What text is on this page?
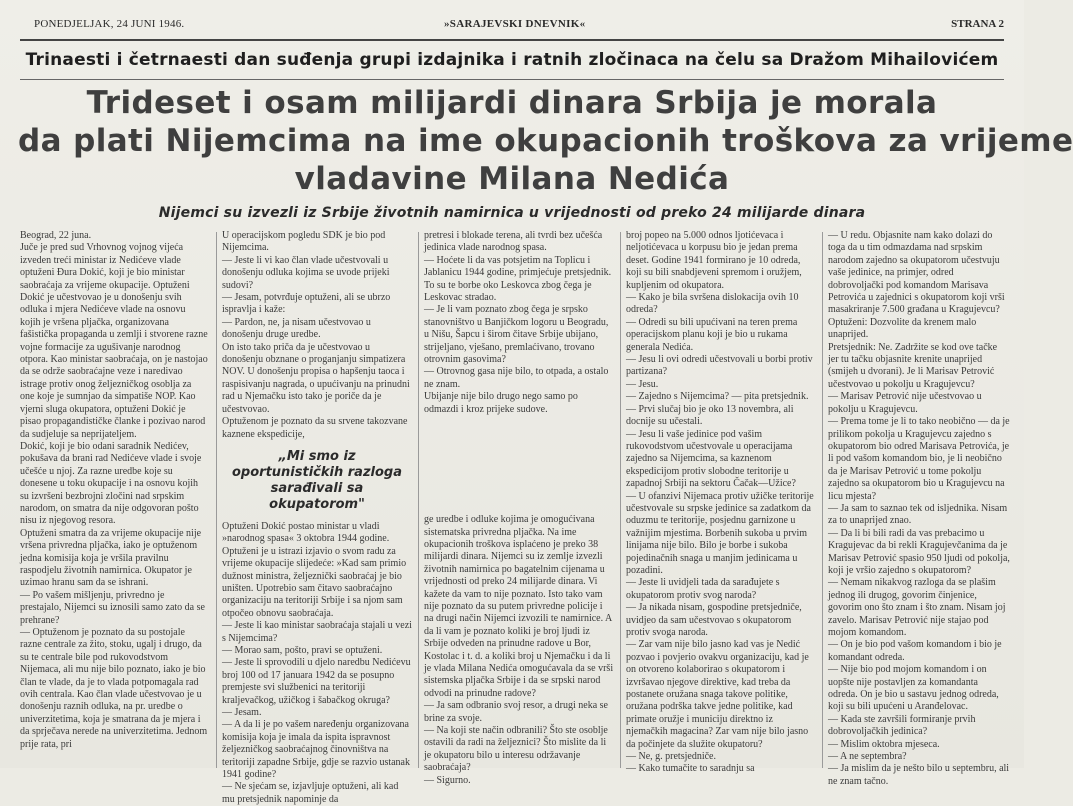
PONEDJELJAK, 24 JUNI 1946.	»SARAJEVSKI DNEVNIK«	STRANA 2
Trinaesti i četrnaesti dan suđenja grupi izdajnika i ratnih zločinaca na čelu sa Dražom Mihailovićem
Trideset i osam milijardi dinara Srbija je morala
da plati Nijemcima na ime okupacionih troškova za vrijeme
vladavine Milana Nedića
Nijemci su izvezli iz Srbije životnih namirnica u vrijednosti od preko 24 milijarde dinara
Beograd, 22 juna.
Juče je pred sud Vrhovnog vojnog vijeća izveden treći ministar iz Nedićeve vlade optuženi Đura Dokić, koji je bio ministar saobraćaja za vrijeme okupacije. Optuženi Dokić je učestvovao je u donošenju svih odluka i mjera Nedićeve vlade na osnovu kojih je vršena pljačka, organizovana fašistička propaganda u zemlji i stvorene razne vojne formacije za ugušivanje narodnog otpora. Kao ministar saobraćaja, on je nastojao da se održe saobraćajne veze i naredivao istrage protiv onog željezničkog osoblja za one koje je sumnjao da simpatiše NOP. Kao vjerni sluga okupatora, optuženi Dokić je pisao propagandističke članke i pozivao narod da sudjeluje sa neprijateljem.
Dokić, koji je bio odani saradnik Nedićev, pokušava da brani rad Nedićeve vlade i svoje učešće u njoj. Za razne uredbe koje su donesene u toku okupacije i na osnovu kojih su izvršeni bezbrojni zločini nad srpskim narodom, on smatra da nije odgovoran pošto nisu iz njegovog resora.
Optuženi smatra da za vrijeme okupacije nije vršena privredna pljačka, iako je optuženom jedna komisija koja je vršila pravilnu raspodjelu životnih namirnica. Okupator je uzimao hranu sam da se ishrani.
— Po vašem mišljenju, privredno je prestajalo, Nijemci su iznosili samo zato da se prehrane?
— Optuženom je poznato da su postojale razne centrale za žito, stoku, ugalj i drugo, da su te centrale bile pod rukovodstvom Nijemaca, ali mu nije bilo poznato, iako je bio član te vlade, da je to vlada potpomagala rad ovih centrala. Kao član vlade učestvovao je u donošenju raznih odluka, na pr. uredbe o univerzitetima, koja je smatrana da je mjera i da sprječava nerede na univerzitetima. Jednom prije rata, pri
U operacijskom pogledu SDK je bio pod Nijemcima.
— Jeste li vi kao član vlade učestvovali u donošenju odluka kojima se uvode prijeki sudovi?
— Jesam, potvrđuje optuženi, ali se ubrzo ispravlja i kaže:
— Pardon, ne, ja nisam učestvovao u donošenju druge uredbe.
On isto tako priča da je učestvovao u donošenju obznane o proganjanju simpatizera NOV. U donošenju propisa o hapšenju taoca i raspisivanju nagrada, o upućivanju na prinudni rad u Njemačku isto tako je poriče da je učestvovao.
Optuženom je poznato da su srvene takozvane kaznene ekspedicije,
„Mi smo iz oportunističkih razloga sarađivali sa okupatorom"
Optuženi Dokić postao ministar u vladi »narodnog spasa« 3 oktobra 1944 godine. Optuženi je u istrazi izjavio o svom radu za vrijeme okupacije slijedeće: »Kad sam primio dužnost ministra, željeznički saobraćaj je bio uništen. Upotrebio sam čitavo saobraćajno organizaciju na teritoriji Srbije i sa njom sam otpočeo obnovu saobraćaja.
— Jeste li kao ministar saobraćaja stajali u vezi s Nijemcima?
— Morao sam, pošto, pravi se optuženi.
— Jeste li sprovodili u djelo naredbu Nedićevu broj 100 od 17 januara 1942 da se posupno premjeste svi službenici na teritoriji kraljevačkog, užičkog i šabačkog okruga?
— Jesam.
— A da li je po vašem naređenju organizovana komisija koja je imala da ispita ispravnost željezničkog saobraćajnog činovništva na teritoriji zapadne Srbije, gdje se razvio ustanak 1941 godine?
— Ne sjećam se, izjavljuje optuženi, ali kad mu pretsjednik napominje da
pretresi i blokade terena, ali tvrdi bez učešća jedinica vlade narodnog spasa.
— Hoćete li da vas potsjetim na Toplicu i Jablanicu 1944 godine, primjećuje pretsjednik.
To su te borbe oko Leskovca zbog čega je Leskovac stradao.
— Je li vam poznato zbog čega je srpsko stanovništvo u Banjičkom logoru u Beogradu, u Nišu, Šapcu i širom čitave Srbije ubijano, strijeljano, vješano, premlaćivano, trovano otrovnim gasovima?
— Otrovnog gasa nije bilo, to otpada, a ostalo ne znam.
Ubijanje nije bilo drugo nego samo po odmazdi i kroz prijeke sudove.
ge uredbe i odluke kojima je omogućivana sistematska privredna pljačka. Na ime okupacionih troškova isplaćeno je preko 38 milijardi dinara. Nijemci su iz zemlje izvezli životnih namirnica po bagatelnim cijenama u vrijednosti od preko 24 milijarde dinara. Vi kažete da vam to nije poznato. Isto tako vam nije poznato da su putem privredne policije i na drugi način Nijemci izvozili te namirnice. A da li vam je poznato koliki je broj ljudi iz Srbije odveden na prinudne radove u Bor, Kostolac i t. d. a koliki broj u Njemačku i da li je vlada Milana Nedića omogućavala da se vrši sistemska pljačka Srbije i da se srpski narod odvodi na prinudne radove?
— Ja sam odbranio svoj resor, a drugi neka se brine za svoje.
— Na koji ste način odbranili? Što ste osoblje ostavili da radi na željeznici? Što mislite da li je okupatoru bilo u interesu održavanje saobraćaja?
— Sigurno.
broj popeo na 5.000 odnos ljotićevaca i neljotićevaca u korpusu bio je jedan prema deset. Godine 1941 formirano je 10 odreda, koji su bili snabdjeveni spremom i oružjem, kupljenim od okupatora.
— Kako je bila svršena dislokacija ovih 10 odreda?
— Odredi su bili upućivani na teren prema operacijskom planu koji je bio u rukama generala Nedića.
— Jesu li ovi odredi učestvovali u borbi protiv partizana?
— Jesu.
— Zajedno s Nijemcima? — pita pretsjednik.
— Prvi slučaj bio je oko 13 novembra, ali docnije su učestali.
— Jesu li vaše jedinice pod vašim rukovodstvom učestvovale u operacijama zajedno sa Nijemcima, sa kaznenom ekspedicijom protiv slobodne teritorije u zapadnoj Srbiji na sektoru Čačak—Užice?
— U ofanzivi Nijemaca protiv užičke teritorije učestvovale su srpske jedinice sa zadatkom da oduzmu te teritorije, posjednu garnizone u važnijim mjestima. Borbenih sukoba u prvim linijama nije bilo. Bilo je borbe i sukoba pojedinačnih snaga u manjim jedinicama u pozadini.
— Jeste li uvidjeli tada da sarađujete s okupatorom protiv svog naroda?
— Ja nikada nisam, gospodine pretsjedniče, uvidjeo da sam učestvovao s okupatorom protiv svoga naroda.
— Zar vam nije bilo jasno kad vas je Nedić pozvao i povjerio ovakvu organizaciju, kad je on otvoreno kolaborirao s okupatorom i izvršavao njegove direktive, kad treba da postanete oružana snaga takove politike, oružana podrška takve jedne politike, kad primate oružje i municiju direktno iz njemačkih magacina? Zar vam nije bilo jasno da počinjete da služite okupatoru?
— Ne, g. pretsjedniče.
— Kako tumačite to saradnju sa
— U redu. Objasnite nam kako dolazi do toga da u tim odmazdama nad srpskim narodom zajedno sa okupatorom učestvuju vaše jedinice, na primjer, odred dobrovoljački pod komandom Marisava Petrovića u zajednici s okupatorom koji vrši masakriranje 7.500 građana u Kragujevcu?
Optuženi: Dozvolite da krenem malo unaprijed.
Pretsjednik: Ne. Zadržite se kod ove tačke jer tu tačku objasnite krenite unaprijed (smijeh u dvorani). Je li Marisav Petrović učestvovao u pokolju u Kragujevcu?
— Marisav Petrović nije učestvovao u pokolju u Kragujevcu.
— Prema tome je li to tako neobično — da je prilikom pokolja u Kragujevcu zajedno s okupatorom bio odred Marisava Petrovića, je li pod vašom komandom bio, je li neobično da je Marisav Petrović u tome pokolju zajedno sa okupatorom bio u Kragujevcu na licu mjesta?
— Ja sam to saznao tek od isljednika. Nisam za to unaprijed znao.
— Da li bi bili radi da vas prebacimo u Kragujevac da bi rekli Kragujevčanima da je Marisav Petrović spasio 950 ljudi od pokolja, koji je vršio zajedno s okupatorom?
— Nemam nikakvog razloga da se plašim jednog ili drugog, govorim činjenice, govorim ono što znam i što znam. Nisam joj zavelo. Marisav Petrović nije stajao pod mojom komandom.
— On je bio pod vašom komandom i bio je komandant odreda.
— Nije bio pod mojom komandom i on uopšte nije postavljen za komandanta odreda. On je bio u sastavu jednog odreda, koji su bili upućeni u Aranđelovac.
— Kada ste završili formiranje prvih dobrovoljačkih jedinica?
— Mislim oktobra mjeseca.
— A ne septembra?
— Ja mislim da je nešto bilo u septembru, ali ne znam tačno.
